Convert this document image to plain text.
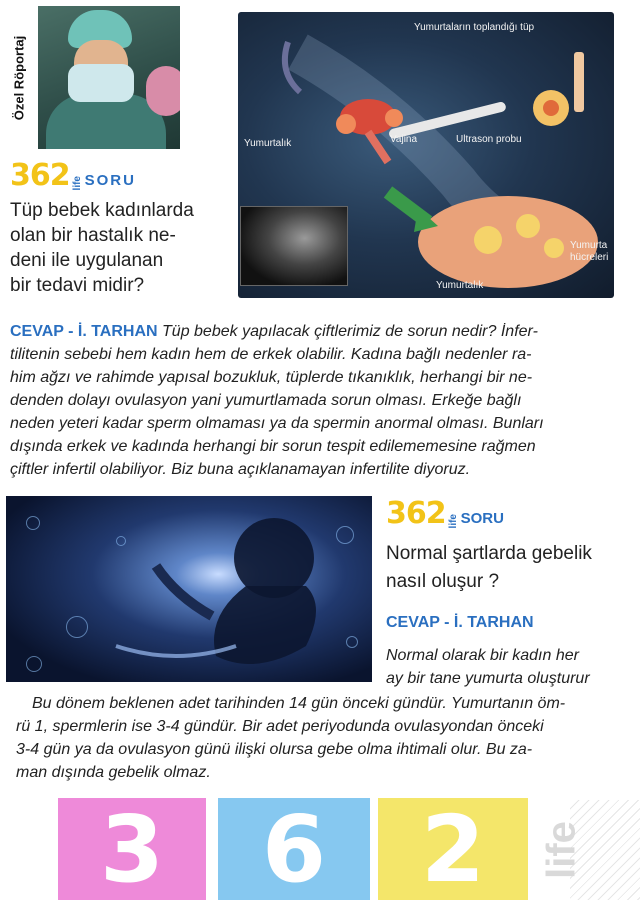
Özel Röportaj
362 life SORU
Tüp bebek kadınlarda
olan bir hastalık ne-
deni ile uygulanan
bir tedavi midir?
Yumurtaların toplandığı tüp
Yumurtalık	Vajina	Ultrason probu
Yumurta
hücreleri
Yumurtalık
CEVAP - İ. TARHAN Tüp bebek yapılacak çiftlerimiz de sorun nedir? İnfer-
tilitenin sebebi hem kadın hem de erkek olabilir. Kadına bağlı nedenler ra-
him ağzı ve rahimde yapısal bozukluk, tüplerde tıkanıklık, herhangi bir ne-
denden dolayı ovulasyon yani yumurtlamada sorun olması. Erkeğe bağlı
neden yeteri kadar sperm olmaması ya da spermin anormal olması. Bunları
dışında erkek ve kadında herhangi bir sorun tespit edilememesine rağmen
çiftler infertil olabiliyor. Biz buna açıklanamayan infertilite diyoruz.
362 life SORU
Normal şartlarda gebelik
nasıl oluşur ?
CEVAP - İ. TARHAN
Normal olarak bir kadın her
ay bir tane yumurta oluşturur
Bu dönem beklenen adet tarihinden 14 gün önceki gündür. Yumurtanın öm-
rü 1, spermlerin ise 3-4 gündür. Bir adet periyodunda ovulasyondan önceki
3-4 gün ya da ovulasyon günü ilişki olursa gebe olma ihtimali olur. Bu za-
man dışında gebelik olmaz.
3	6	2	life
